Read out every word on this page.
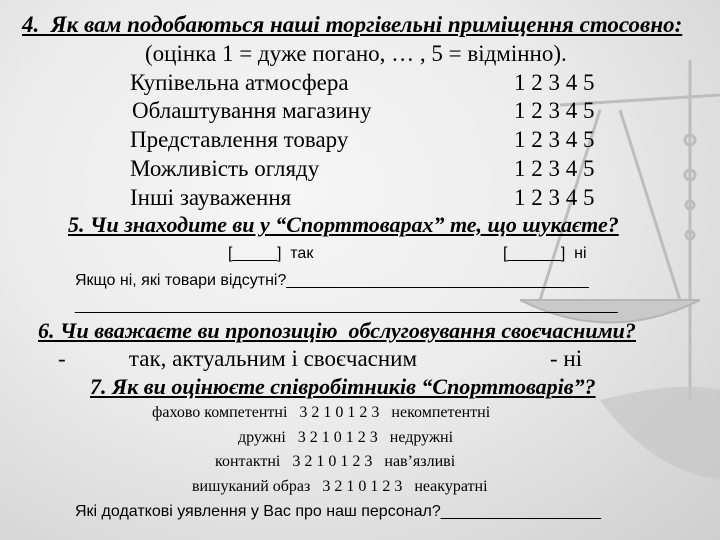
4.  Як вам подобаються наші торгівельні приміщення стосовно:
(оцінка 1 = дуже погано, … , 5 = відмінно).
Купівельна атмосфера	1 2 3 4 5
Облаштування магазину	1 2 3 4 5
Представлення товару	1 2 3 4 5
Можливість огляду	1 2 3 4 5
Інші зауваження	1 2 3 4 5
5. Чи знаходите ви у “Спорттоварах” те, що шукаєте?
[_____]  так	[______]  ні
Якщо ні, які товари відсутні?__________________________________
_____________________________________________________________
6. Чи вважаєте ви пропозицію  обслуговування своєчасними?
-           так, актуальним і своєчасним	- ні
7. Як ви оцінюєте співробітників “Спорттоварів”?
фахово компетентні   3 2 1 0 1 2 3   некомпетентні
дружні   3 2 1 0 1 2 3   недружні
контактні   3 2 1 0 1 2 3   нав’язливі
вишуканий образ   3 2 1 0 1 2 3   неакуратні
Які додаткові уявлення у Вас про наш персонал?__________________
